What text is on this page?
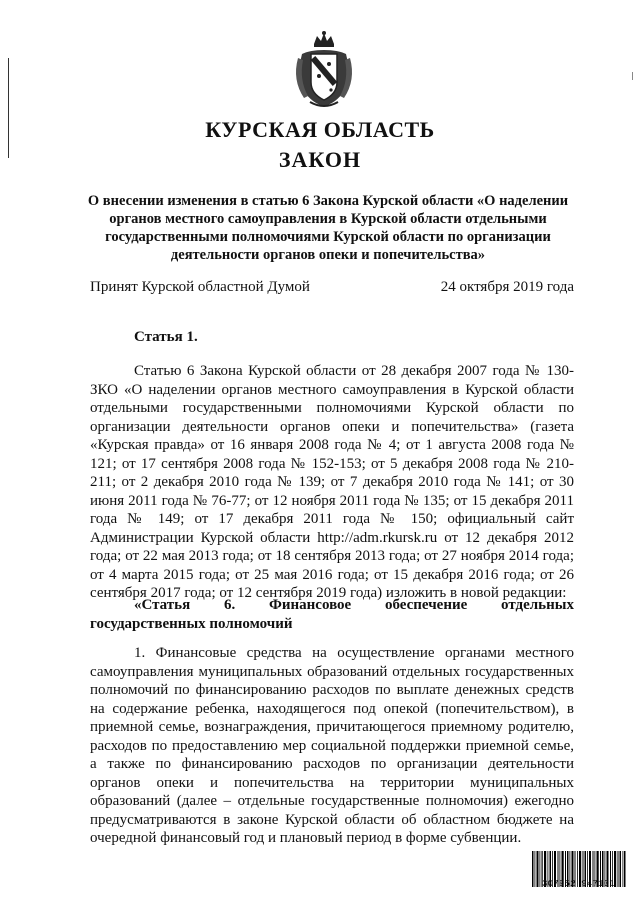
КУРСКАЯ ОБЛАСТЬ
ЗАКОН
О внесении изменения в статью 6 Закона Курской области «О наделении органов местного самоуправления в Курской области отдельными государственными полномочиями Курской области по организации деятельности органов опеки и попечительства»
Принят Курской областной Думой	24 октября 2019 года
Статья 1.
Статью 6 Закона Курской области от 28 декабря 2007 года № 130-ЗКО «О наделении органов местного самоуправления в Курской области отдельными государственными полномочиями Курской области по организации деятельности органов опеки и попечительства» (газета «Курская правда» от 16 января 2008 года № 4; от 1 августа 2008 года № 121; от 17 сентября 2008 года № 152-153; от 5 декабря 2008 года № 210-211; от 2 декабря 2010 года № 139; от 7 декабря 2010 года № 141; от 30 июня 2011 года № 76-77; от 12 ноября 2011 года № 135; от 15 декабря 2011 года № 149; от 17 декабря 2011 года № 150; официальный сайт Администрации Курской области http://adm.rkursk.ru от 12 декабря 2012 года; от 22 мая 2013 года; от 18 сентября 2013 года; от 27 ноября 2014 года; от 4 марта 2015 года; от 25 мая 2016 года; от 15 декабря 2016 года; от 26 сентября 2017 года; от 12 сентября 2019 года) изложить в новой редакции:
«Статья 6. Финансовое обеспечение отдельных
государственных полномочий
1. Финансовые средства на осуществление органами местного самоуправления муниципальных образований отдельных государственных полномочий по финансированию расходов по выплате денежных средств на содержание ребенка, находящегося под опекой (попечительством), в приемной семье, вознаграждения, причитающегося приемному родителю, расходов по предоставлению мер социальной поддержки приемной семье, а также по финансированию расходов по организации деятельности органов опеки и попечительства на территории муниципальных образований (далее – отдельные государственные полномочия) ежегодно предусматриваются в законе Курской области об областном бюджете на очередной финансовый год и плановый период в форме субвенции.
307952 947101
